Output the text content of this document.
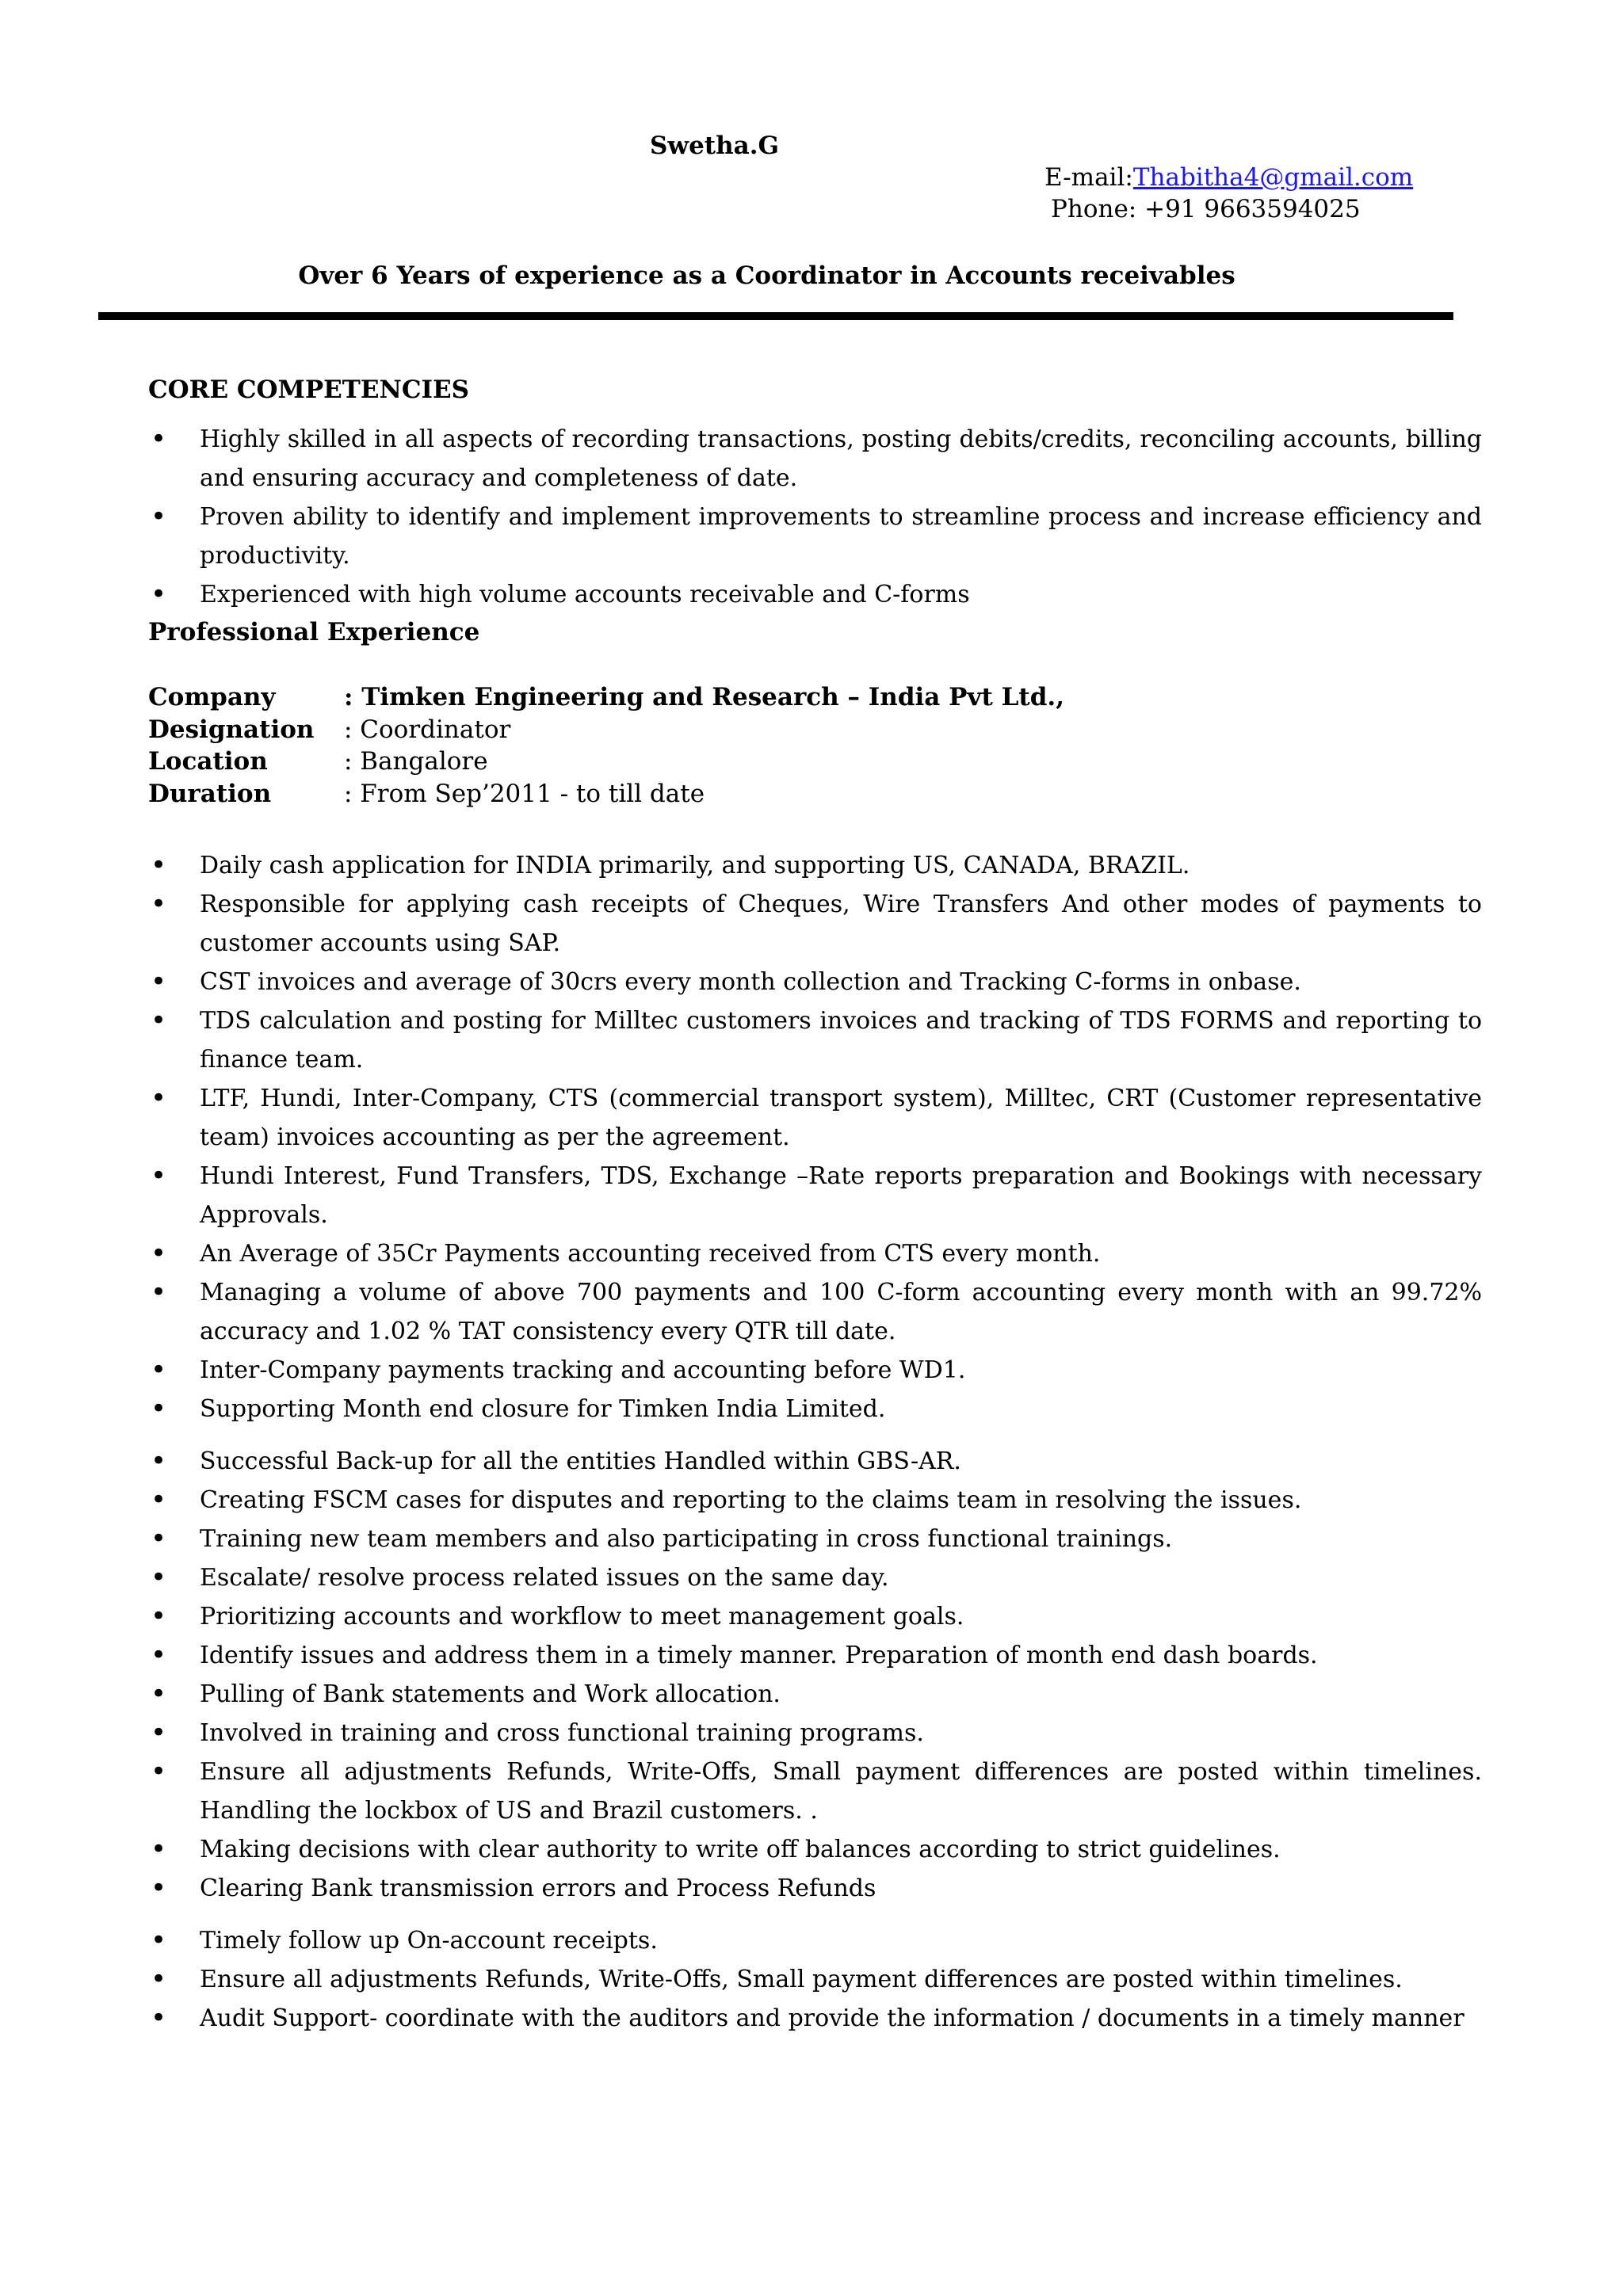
Swetha.G
E-mail:Thabitha4@gmail.com
Phone: +91 9663594025
Over 6 Years of experience as a Coordinator in Accounts receivables
CORE COMPETENCIES
• Highly skilled in all aspects of recording transactions, posting debits/credits, reconciling accounts, billing and ensuring accuracy and completeness of date.
• Proven ability to identify and implement improvements to streamline process and increase efficiency and productivity.
• Experienced with high volume accounts receivable and C-forms
Professional Experience
Company	: Timken Engineering and Research – India Pvt Ltd.,
Designation	: Coordinator
Location	: Bangalore
Duration	: From Sep’2011 - to till date
• Daily cash application for INDIA primarily, and supporting US, CANADA, BRAZIL.
• Responsible for applying cash receipts of Cheques, Wire Transfers And other modes of payments to customer accounts using SAP.
• CST invoices and average of 30crs every month collection and Tracking C-forms in onbase.
• TDS calculation and posting for Milltec customers invoices and tracking of TDS FORMS and reporting to finance team.
• LTF, Hundi, Inter-Company, CTS (commercial transport system), Milltec, CRT (Customer representative team) invoices accounting as per the agreement.
• Hundi Interest, Fund Transfers, TDS, Exchange –Rate reports preparation and Bookings with necessary Approvals.
• An Average of 35Cr Payments accounting received from CTS every month.
• Managing a volume of above 700 payments and 100 C-form accounting every month with an 99.72% accuracy and 1.02 % TAT consistency every QTR till date.
• Inter-Company payments tracking and accounting before WD1.
• Supporting Month end closure for Timken India Limited.
• Successful Back-up for all the entities Handled within GBS-AR.
• Creating FSCM cases for disputes and reporting to the claims team in resolving the issues.
• Training new team members and also participating in cross functional trainings.
• Escalate/ resolve process related issues on the same day.
• Prioritizing accounts and workflow to meet management goals.
• Identify issues and address them in a timely manner. Preparation of month end dash boards.
• Pulling of Bank statements and Work allocation.
• Involved in training and cross functional training programs.
• Ensure all adjustments Refunds, Write-Offs, Small payment differences are posted within timelines. Handling the lockbox of US and Brazil customers. .
• Making decisions with clear authority to write off balances according to strict guidelines.
• Clearing Bank transmission errors and Process Refunds
• Timely follow up On-account receipts.
• Ensure all adjustments Refunds, Write-Offs, Small payment differences are posted within timelines.
• Audit Support- coordinate with the auditors and provide the information / documents in a timely manner
